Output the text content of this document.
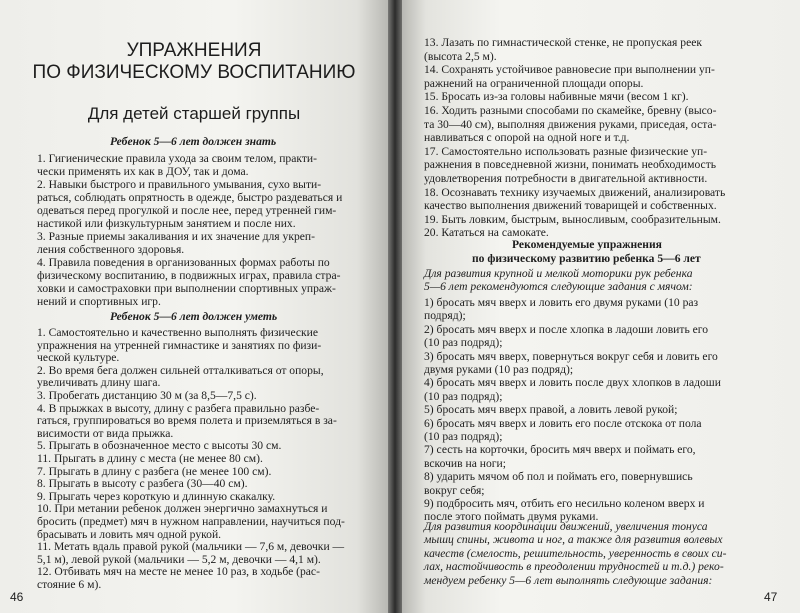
УПРАЖНЕНИЯ
ПО ФИЗИЧЕСКОМУ ВОСПИТАНИЮ
Для детей старшей группы
Ребенок 5—6 лет должен знать
1. Гигиенические правила ухода за своим телом, практи-
чески применять их как в ДОУ, так и дома.
2. Навыки быстрого и правильного умывания, сухо выти-
раться, соблюдать опрятность в одежде, быстро раздеваться и
одеваться перед прогулкой и после нее, перед утренней гим-
настикой или физкультурным занятием и после них.
3. Разные приемы закаливания и их значение для укреп-
ления собственного здоровья.
4. Правила поведения в организованных формах работы по
физическому воспитанию, в подвижных играх, правила стра-
ховки и самостраховки при выполнении спортивных упраж-
нений и спортивных игр.
Ребенок 5—6 лет должен уметь
1. Самостоятельно и качественно выполнять физические
упражнения на утренней гимнастике и занятиях по физи-
ческой культуре.
2. Во время бега должен сильней отталкиваться от опоры,
увеличивать длину шага.
3. Пробегать дистанцию 30 м (за 8,5—7,5 с).
4. В прыжках в высоту, длину с разбега правильно разбе-
гаться, группироваться во время полета и приземляться в за-
висимости от вида прыжка.
5. Прыгать в обозначенное место с высоты 30 см.
11. Прыгать в длину с места (не менее 80 см).
7. Прыгать в длину с разбега (не менее 100 см).
8. Прыгать в высоту с разбега (30—40 см).
9. Прыгать через короткую и длинную скакалку.
10. При метании ребенок должен энергично замахнуться и
бросить (предмет) мяч в нужном направлении, научиться под-
брасывать и ловить мяч одной рукой.
11. Метать вдаль правой рукой (мальчики — 7,6 м, девочки —
5,1 м), левой рукой (мальчики — 5,2 м, девочки — 4,1 м).
12. Отбивать мяч на месте не менее 10 раз, в ходьбе (рас-
стояние 6 м).
46
13. Лазать по гимнастической стенке, не пропуская реек
(высота 2,5 м).
14. Сохранять устойчивое равновесие при выполнении уп-
ражнений на ограниченной площади опоры.
15. Бросать из-за головы набивные мячи (весом 1 кг).
16. Ходить разными способами по скамейке, бревну (высо-
та 30—40 см), выполняя движения руками, приседая, оста-
навливаться с опорой на одной ноге и т.д.
17. Самостоятельно использовать разные физические уп-
ражнения в повседневной жизни, понимать необходимость
удовлетворения потребности в двигательной активности.
18. Осознавать технику изучаемых движений, анализировать
качество выполнения движений товарищей и собственных.
19. Быть ловким, быстрым, выносливым, сообразительным.
20. Кататься на самокате.
Рекомендуемые упражнения
по физическому развитию ребенка 5—6 лет
Для развития крупной и мелкой моторики рук ребенка
5—6 лет рекомендуются следующие задания с мячом:
1) бросать мяч вверх и ловить его двумя руками (10 раз
подряд);
2) бросать мяч вверх и после хлопка в ладоши ловить его
(10 раз подряд);
3) бросать мяч вверх, повернуться вокруг себя и ловить его
двумя руками (10 раз подряд);
4) бросать мяч вверх и ловить после двух хлопков в ладоши
(10 раз подряд);
5) бросать мяч вверх правой, а ловить левой рукой;
6) бросать мяч вверх и ловить его после отскока от пола
(10 раз подряд);
7) сесть на корточки, бросить мяч вверх и поймать его,
вскочив на ноги;
8) ударить мячом об пол и поймать его, повернувшись
вокруг себя;
9) подбросить мяч, отбить его несильно коленом вверх и
после этого поймать двумя руками.
Для развития координации движений, увеличения тонуса
мышц спины, живота и ног, а также для развития волевых
качеств (смелость, решительность, уверенность в своих си-
лах, настойчивость в преодолении трудностей и т.д.) реко-
мендуем ребенку 5—6 лет выполнять следующие задания:
47
